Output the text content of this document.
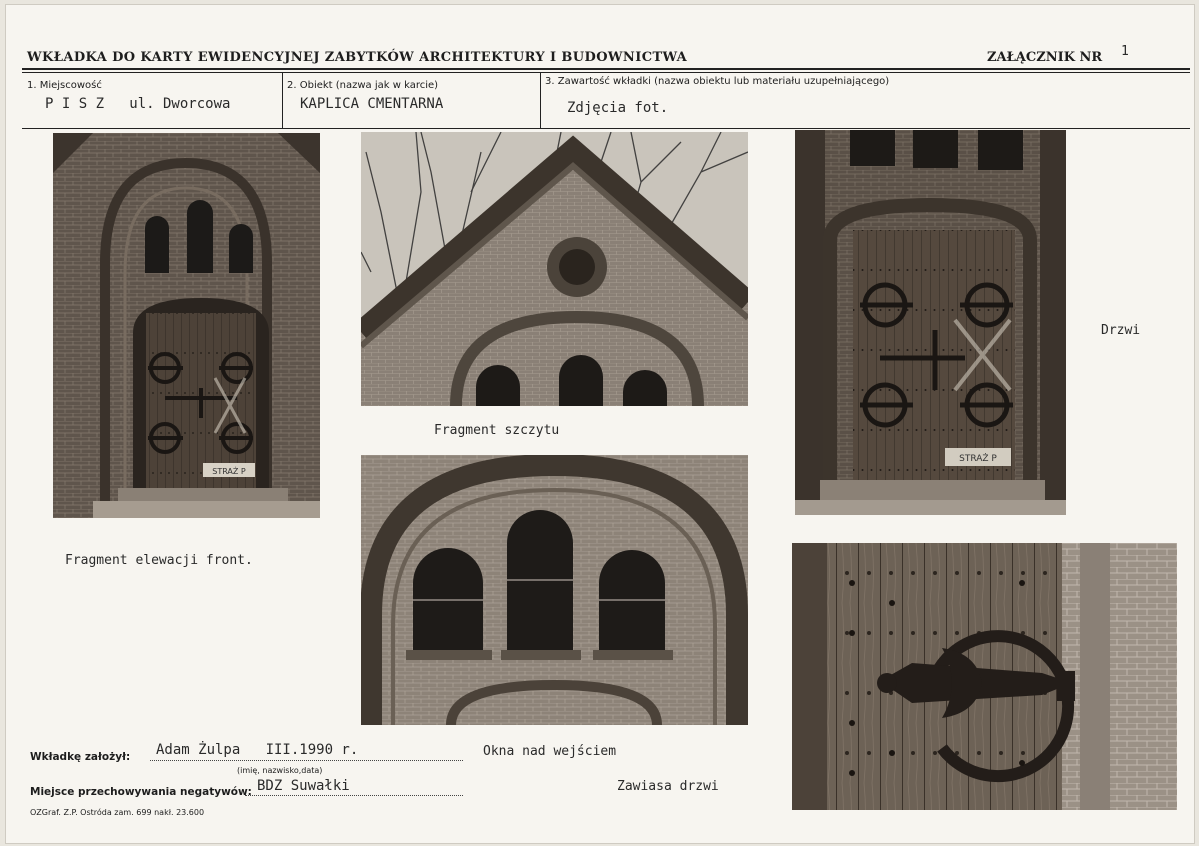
WKŁADKA DO KARTY EWIDENCYJNEJ ZABYTKÓW ARCHITEKTURY I BUDOWNICTWA	ZAŁĄCZNIK NR 1
1. Miejscowość
P I S Z   ul. Dworcowa
2. Obiekt (nazwa jak w karcie)
KAPLICA CMENTARNA
3. Zawartość wkładki (nazwa obiektu lub materiału uzupełniającego)
Zdjęcia fot.
STRAŻ P
Fragment elewacji front.
Fragment szczytu
STRAŻ P
Drzwi
Okna nad wejściem
Zawiasa drzwi
Wkładkę założył: Adam Żulpa   III.1990 r.
(imię, nazwisko,data)
Miejsce przechowywania negatywów: BDZ Suwałki
OZGraf. Z.P. Ostróda zam. 699 nakł. 23.600
